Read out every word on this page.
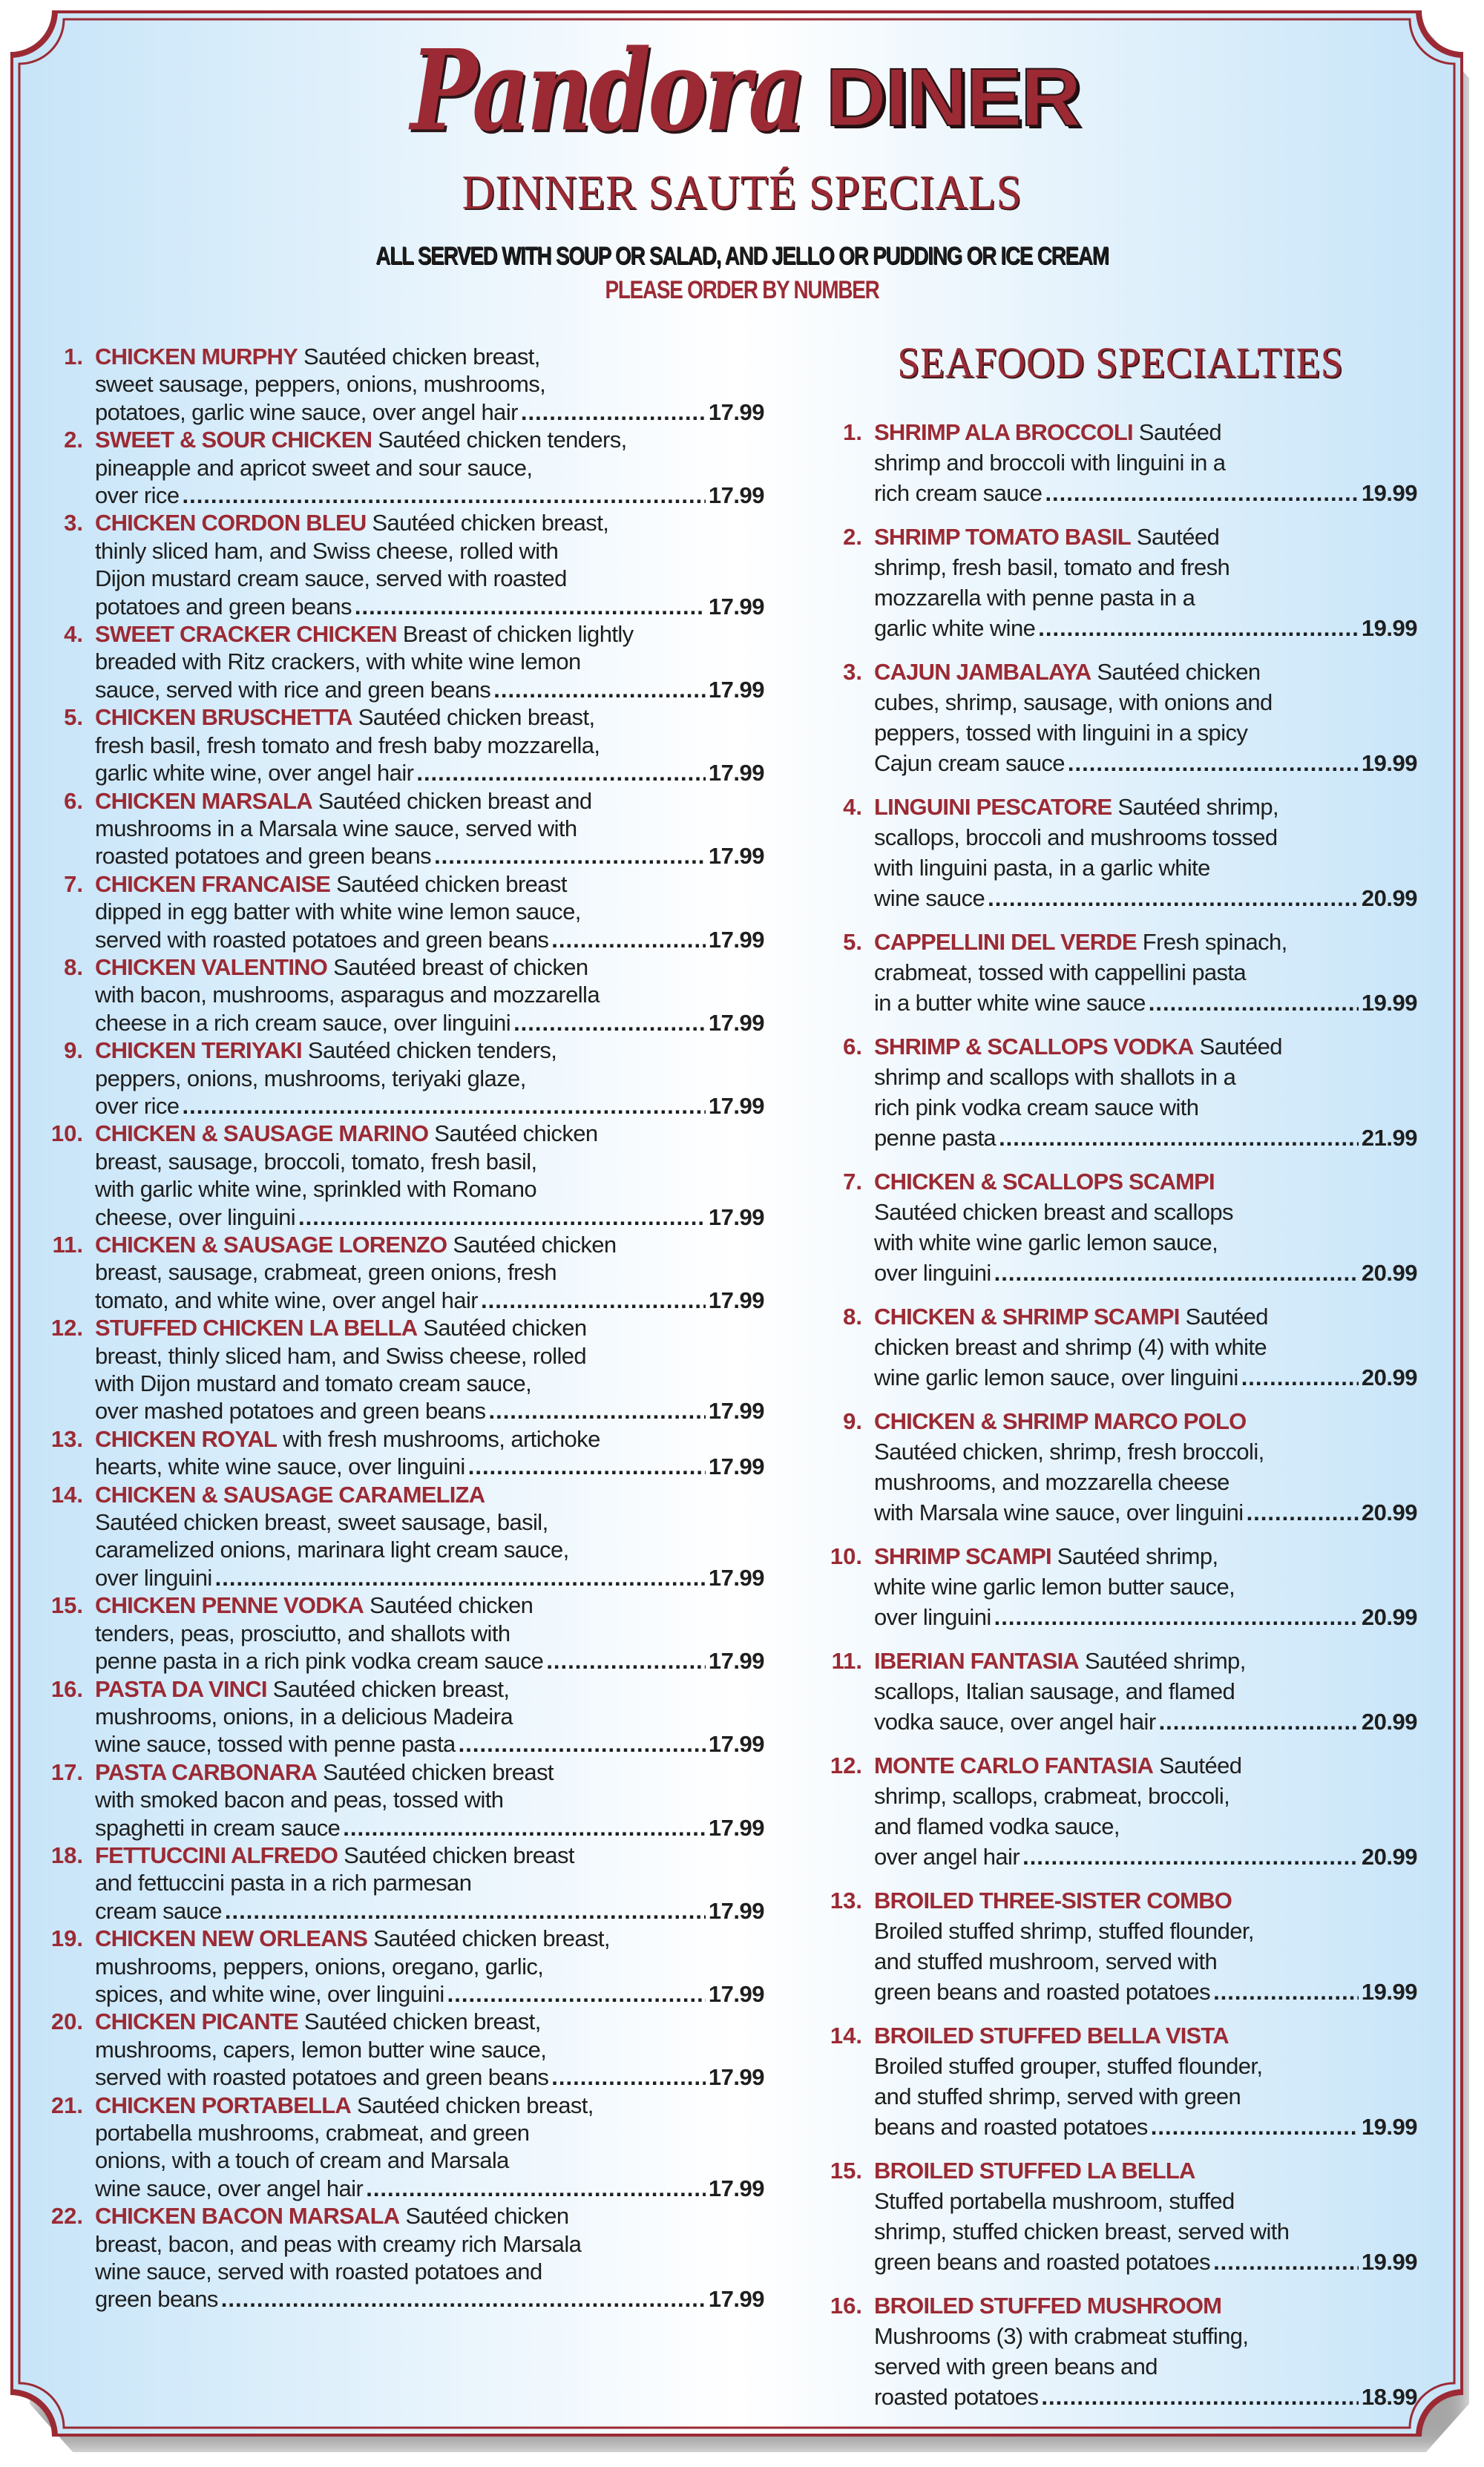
Pandora DINER
DINNER SAUTÉ SPECIALS
ALL SERVED WITH SOUP OR SALAD, AND JELLO OR PUDDING OR ICE CREAM
PLEASE ORDER BY NUMBER
1. CHICKEN MURPHY Sautéed chicken breast,
sweet sausage, peppers, onions, mushrooms,
potatoes, garlic wine sauce, over angel hair .....	17.99
2. SWEET & SOUR CHICKEN Sautéed chicken tenders,
pineapple and apricot sweet and sour sauce,
over rice .....	17.99
3. CHICKEN CORDON BLEU Sautéed chicken breast,
thinly sliced ham, and Swiss cheese, rolled with
Dijon mustard cream sauce, served with roasted
potatoes and green beans .....	17.99
4. SWEET CRACKER CHICKEN Breast of chicken lightly
breaded with Ritz crackers, with white wine lemon
sauce, served with rice and green beans .....	17.99
5. CHICKEN BRUSCHETTA Sautéed chicken breast,
fresh basil, fresh tomato and fresh baby mozzarella,
garlic white wine, over angel hair .....	17.99
6. CHICKEN MARSALA Sautéed chicken breast and
mushrooms in a Marsala wine sauce, served with
roasted potatoes and green beans .....	17.99
7. CHICKEN FRANCAISE Sautéed chicken breast
dipped in egg batter with white wine lemon sauce,
served with roasted potatoes and green beans .....	17.99
8. CHICKEN VALENTINO Sautéed breast of chicken
with bacon, mushrooms, asparagus and mozzarella
cheese in a rich cream sauce, over linguini .....	17.99
9. CHICKEN TERIYAKI Sautéed chicken tenders,
peppers, onions, mushrooms, teriyaki glaze,
over rice .....	17.99
10. CHICKEN & SAUSAGE MARINO Sautéed chicken
breast, sausage, broccoli, tomato, fresh basil,
with garlic white wine, sprinkled with Romano
cheese, over linguini .....	17.99
11. CHICKEN & SAUSAGE LORENZO Sautéed chicken
breast, sausage, crabmeat, green onions, fresh
tomato, and white wine, over angel hair .....	17.99
12. STUFFED CHICKEN LA BELLA Sautéed chicken
breast, thinly sliced ham, and Swiss cheese, rolled
with Dijon mustard and tomato cream sauce,
over mashed potatoes and green beans .....	17.99
13. CHICKEN ROYAL with fresh mushrooms, artichoke
hearts, white wine sauce, over linguini .....	17.99
14. CHICKEN & SAUSAGE CARAMELIZA
Sautéed chicken breast, sweet sausage, basil,
caramelized onions, marinara light cream sauce,
over linguini .....	17.99
15. CHICKEN PENNE VODKA Sautéed chicken
tenders, peas, prosciutto, and shallots with
penne pasta in a rich pink vodka cream sauce .....	17.99
16. PASTA DA VINCI Sautéed chicken breast,
mushrooms, onions, in a delicious Madeira
wine sauce, tossed with penne pasta .....	17.99
17. PASTA CARBONARA Sautéed chicken breast
with smoked bacon and peas, tossed with
spaghetti in cream sauce .....	17.99
18. FETTUCCINI ALFREDO Sautéed chicken breast
and fettuccini pasta in a rich parmesan
cream sauce .....	17.99
19. CHICKEN NEW ORLEANS Sautéed chicken breast,
mushrooms, peppers, onions, oregano, garlic,
spices, and white wine, over linguini .....	17.99
20. CHICKEN PICANTE Sautéed chicken breast,
mushrooms, capers, lemon butter wine sauce,
served with roasted potatoes and green beans .....	17.99
21. CHICKEN PORTABELLA Sautéed chicken breast,
portabella mushrooms, crabmeat, and green
onions, with a touch of cream and Marsala
wine sauce, over angel hair .....	17.99
22. CHICKEN BACON MARSALA Sautéed chicken
breast, bacon, and peas with creamy rich Marsala
wine sauce, served with roasted potatoes and
green beans .....	17.99
SEAFOOD SPECIALTIES
1. SHRIMP ALA BROCCOLI Sautéed
shrimp and broccoli with linguini in a
rich cream sauce .....	19.99
2. SHRIMP TOMATO BASIL Sautéed
shrimp, fresh basil, tomato and fresh
mozzarella with penne pasta in a
garlic white wine .....	19.99
3. CAJUN JAMBALAYA Sautéed chicken
cubes, shrimp, sausage, with onions and
peppers, tossed with linguini in a spicy
Cajun cream sauce .....	19.99
4. LINGUINI PESCATORE Sautéed shrimp,
scallops, broccoli and mushrooms tossed
with linguini pasta, in a garlic white
wine sauce .....	20.99
5. CAPPELLINI DEL VERDE Fresh spinach,
crabmeat, tossed with cappellini pasta
in a butter white wine sauce .....	19.99
6. SHRIMP & SCALLOPS VODKA Sautéed
shrimp and scallops with shallots in a
rich pink vodka cream sauce with
penne pasta .....	21.99
7. CHICKEN & SCALLOPS SCAMPI
Sautéed chicken breast and scallops
with white wine garlic lemon sauce,
over linguini .....	20.99
8. CHICKEN & SHRIMP SCAMPI Sautéed
chicken breast and shrimp (4) with white
wine garlic lemon sauce, over linguini .....	20.99
9. CHICKEN & SHRIMP MARCO POLO
Sautéed chicken, shrimp, fresh broccoli,
mushrooms, and mozzarella cheese
with Marsala wine sauce, over linguini .....	20.99
10. SHRIMP SCAMPI Sautéed shrimp,
white wine garlic lemon butter sauce,
over linguini .....	20.99
11. IBERIAN FANTASIA Sautéed shrimp,
scallops, Italian sausage, and flamed
vodka sauce, over angel hair .....	20.99
12. MONTE CARLO FANTASIA Sautéed
shrimp, scallops, crabmeat, broccoli,
and flamed vodka sauce,
over angel hair .....	20.99
13. BROILED THREE-SISTER COMBO
Broiled stuffed shrimp, stuffed flounder,
and stuffed mushroom, served with
green beans and roasted potatoes .....	19.99
14. BROILED STUFFED BELLA VISTA
Broiled stuffed grouper, stuffed flounder,
and stuffed shrimp, served with green
beans and roasted potatoes .....	19.99
15. BROILED STUFFED LA BELLA
Stuffed portabella mushroom, stuffed
shrimp, stuffed chicken breast, served with
green beans and roasted potatoes .....	19.99
16. BROILED STUFFED MUSHROOM
Mushrooms (3) with crabmeat stuffing,
served with green beans and
roasted potatoes .....	18.99
